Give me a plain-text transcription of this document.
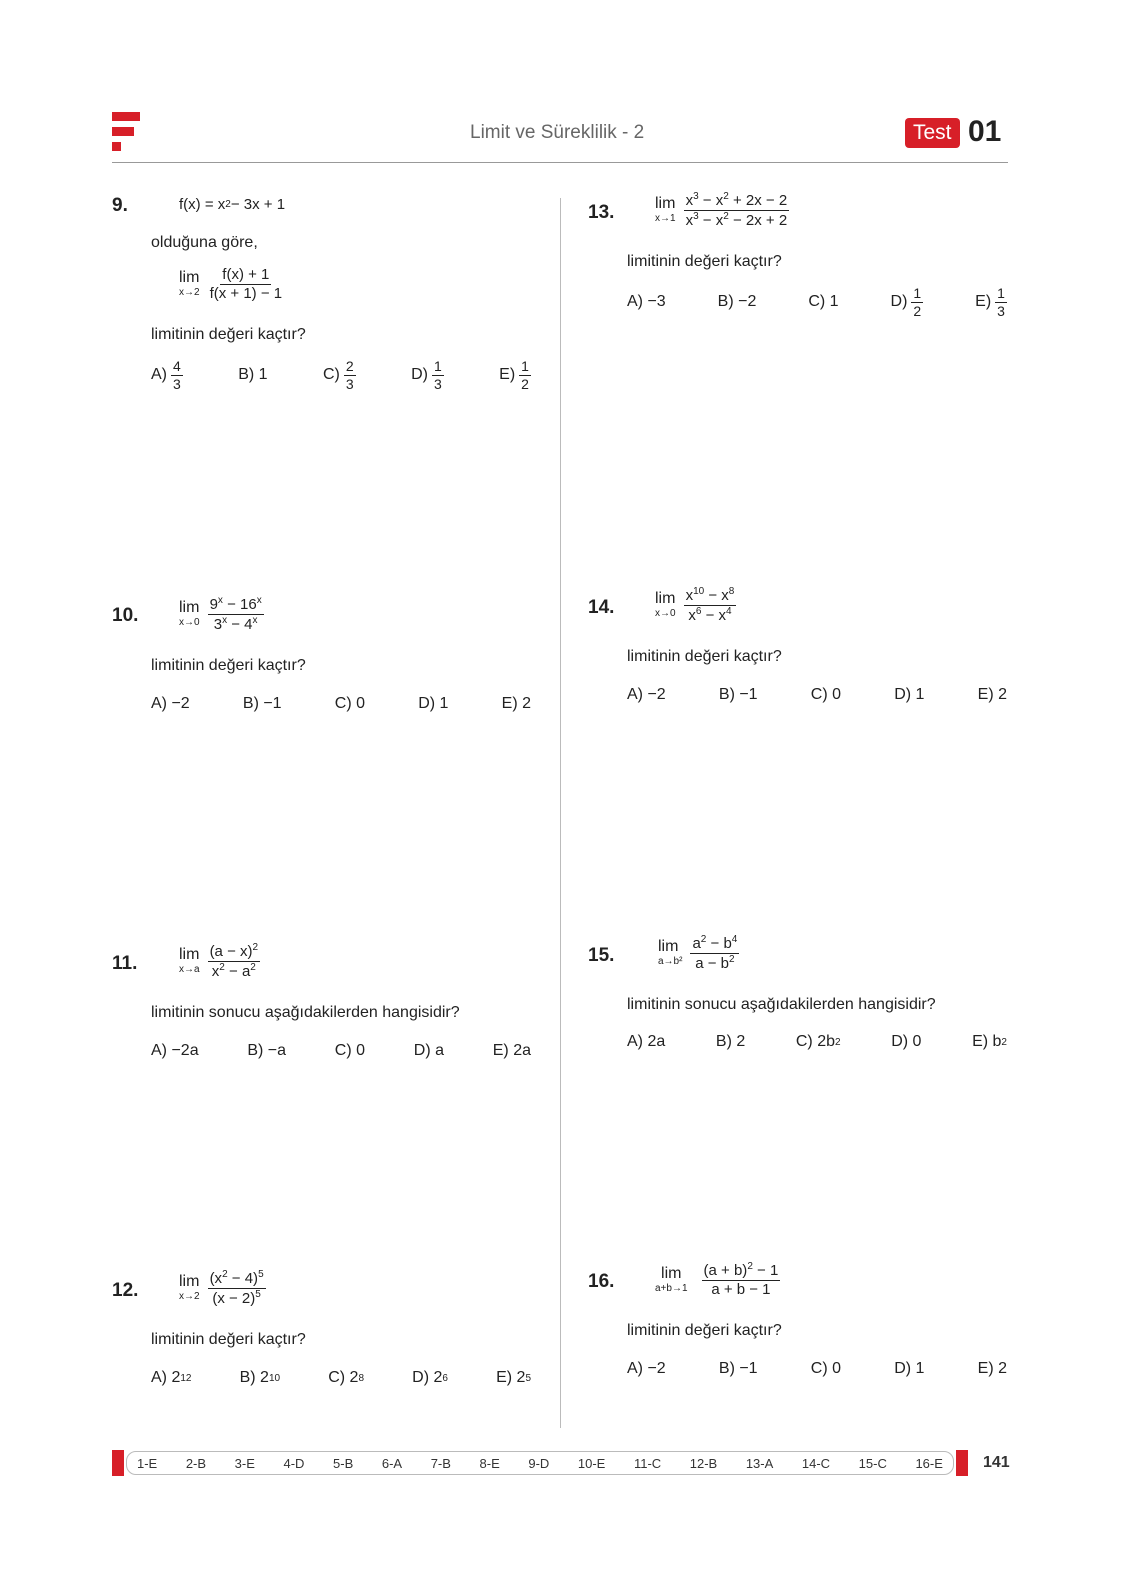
Limit ve Süreklilik - 2	Test 01
9.	f(x) = x 2 − 3x + 1
olduğuna göre,
lim
$x\to 2 \frac{f(x) + 1}{f(x + 1) - 1}$
limitinin değeri kaçtır?
$A) \frac{4}{3}$	B)
1	$C) \frac{2}{3}$	$D) \frac{1}{3}$	$E) \frac{1}{2}$
10.	lim
$x\to 0 \frac{9^x - 16^x}{3^x - 4^x}$
limitinin değeri kaçtır?
A) −2	B) −1	C) 0	D) 1	E) 2
11.	lim
$x\to a \frac{(a - x)^2}{x^2 - a^2}$
limitinin sonucu aşağıdakilerden hangisidir?
A) −2a	B) −a	C) 0	D) a	E) 2a
12.	lim
$x\to 2 \frac{(x^2 - 4)^5}{(x - 2)^5}$
limitinin değeri kaçtır?
A) 2 12	B) 2 10	C) 2 8	D) 2 6	E) 2 5
13.	lim
$x\to 1 \frac{x^3 - x^2 + 2x - 2}{x^3 - x^2 - 2x + 2}$
limitinin değeri kaçtır?
A)
−3	B)
−2	C)
1	$D) \frac{1}{2}$	$E) \frac{1}{3}$
14.	lim
$x\to 0 \frac{x^{10} - x^8}{x^6 - x^4}$
limitinin değeri kaçtır?
A) −2	B) −1	C) 0	D) 1	E) 2
15.	lim
$a\to b^2 \frac{a^2 - b^4}{a - b^2}$
limitinin sonucu aşağıdakilerden hangisidir?
A) 2a	B) 2	C) 2b 2	D) 0	E) b 2
16.	lim
$a+b\to 1 \frac{(a + b)^2 - 1}{a + b - 1}$
limitinin değeri kaçtır?
A) −2	B) −1	C) 0	D) 1	E) 2
1-E 2-B 3-E 4-D 5-B 6-A 7-B 8-E 9-D 10-E 11-C 12-B 13-A 14-C 15-C 16-E	141
